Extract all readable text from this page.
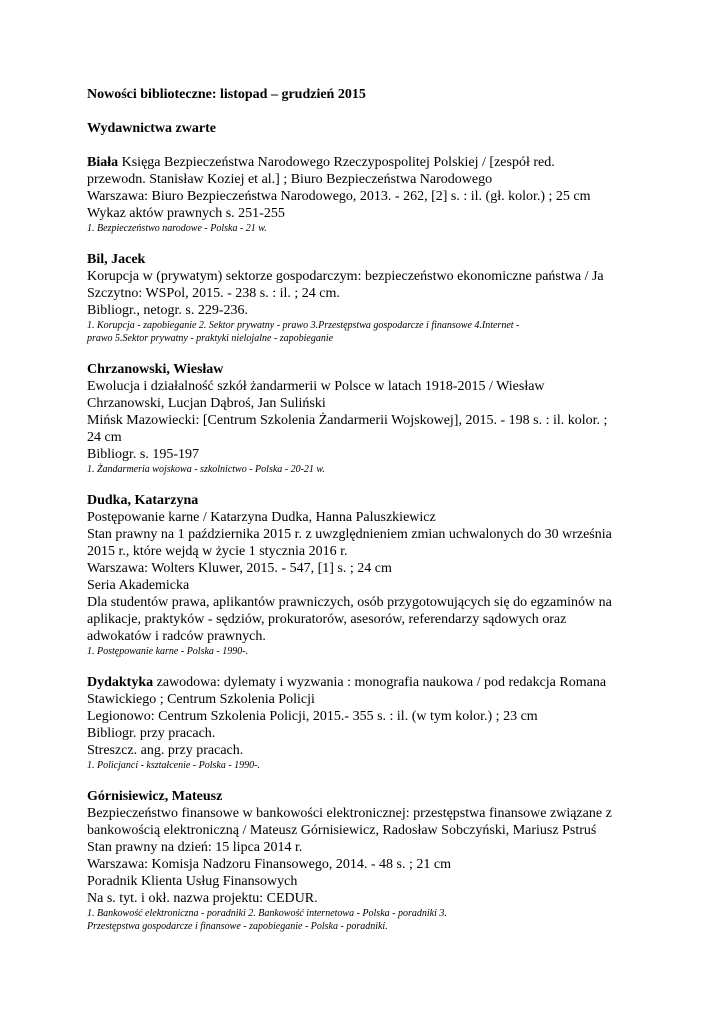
Nowości biblioteczne: listopad – grudzień 2015
Wydawnictwa zwarte
Biała Księga Bezpieczeństwa Narodowego Rzeczypospolitej Polskiej / [zespół red.
przewodn. Stanisław Koziej et al.] ; Biuro Bezpieczeństwa Narodowego
Warszawa: Biuro Bezpieczeństwa Narodowego, 2013. - 262, [2] s. : il. (gł. kolor.) ; 25 cm
Wykaz aktów prawnych s. 251-255
1. Bezpieczeństwo narodowe - Polska - 21 w.
Bil, Jacek
Korupcja w (prywatym) sektorze gospodarczym: bezpieczeństwo ekonomiczne państwa / Ja
Szczytno: WSPol, 2015. - 238 s. : il. ; 24 cm.
Bibliogr., netogr. s. 229-236.
1. Korupcja - zapobieganie 2. Sektor prywatny - prawo 3.Przestępstwa gospodarcze i finansowe 4.Internet -
prawo 5.Sektor prywatny - praktyki nielojalne - zapobieganie
Chrzanowski, Wiesław
Ewolucja i działalność szkół żandarmerii w Polsce w latach 1918-2015 / Wiesław
Chrzanowski, Lucjan Dąbroś, Jan Suliński
Mińsk Mazowiecki: [Centrum Szkolenia Żandarmerii Wojskowej], 2015. - 198 s. : il. kolor. ;
24 cm
Bibliogr. s. 195-197
1. Żandarmeria wojskowa - szkolnictwo - Polska - 20-21 w.
Dudka, Katarzyna
Postępowanie karne / Katarzyna Dudka, Hanna Paluszkiewicz
Stan prawny na 1 października 2015 r. z uwzględnieniem zmian uchwalonych do 30 września
2015 r., które wejdą w życie 1 stycznia 2016 r.
Warszawa: Wolters Kluwer, 2015. - 547, [1] s. ; 24 cm
Seria Akademicka
Dla studentów prawa, aplikantów prawniczych, osób przygotowujących się do egzaminów na
aplikacje, praktyków - sędziów, prokuratorów, asesorów, referendarzy sądowych oraz
adwokatów i radców prawnych.
1. Postępowanie karne - Polska - 1990-.
Dydaktyka zawodowa: dylematy i wyzwania : monografia naukowa / pod redakcja Romana
Stawickiego ; Centrum Szkolenia Policji
Legionowo: Centrum Szkolenia Policji, 2015.- 355 s. : il. (w tym kolor.) ; 23 cm
Bibliogr. przy pracach.
Streszcz. ang. przy pracach.
1. Policjanci - kształcenie - Polska - 1990-.
Górnisiewicz, Mateusz
Bezpieczeństwo finansowe w bankowości elektronicznej: przestępstwa finansowe związane z
bankowością elektroniczną / Mateusz Górnisiewicz, Radosław Sobczyński, Mariusz Pstruś
Stan prawny na dzień: 15 lipca 2014 r.
Warszawa: Komisja Nadzoru Finansowego, 2014. - 48 s. ; 21 cm
Poradnik Klienta Usług Finansowych
Na s. tyt. i okł. nazwa projektu: CEDUR.
1. Bankowość elektroniczna - poradniki 2. Bankowość internetowa - Polska - poradniki 3.
Przestępstwa gospodarcze i finansowe - zapobieganie - Polska - poradniki.
